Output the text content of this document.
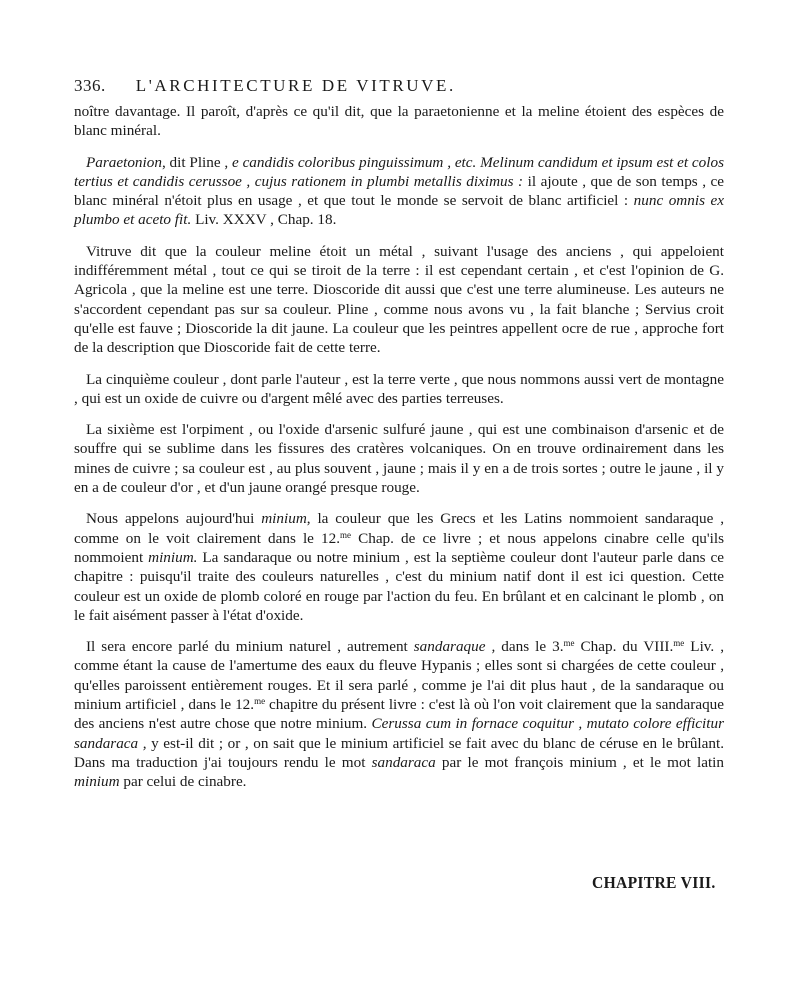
336. L'ARCHITECTURE DE VITRUVE.

noître davantage. Il paroît, d'après ce qu'il dit, que la paraetonienne et la meline étoient des espèces de blanc minéral.

Paraetonion, dit Pline , e candidis coloribus pinguissimum , etc. Melinum candidum et ipsum est et colos tertius et candidis cerussoe , cujus rationem in plumbi metallis diximus : il ajoute , que de son temps , ce blanc minéral n'étoit plus en usage , et que tout le monde se servoit de blanc artificiel : nunc omnis ex plumbo et aceto fit. Liv. XXXV , Chap. 18.

Vitruve dit que la couleur meline étoit un métal , suivant l'usage des anciens , qui appeloient indifféremment métal , tout ce qui se tiroit de la terre : il est cependant certain , et c'est l'opinion de G. Agricola , que la meline est une terre. Dioscoride dit aussi que c'est une terre alumineuse. Les auteurs ne s'accordent cependant pas sur sa couleur. Pline , comme nous avons vu , la fait blanche ; Servius croit qu'elle est fauve ; Dioscoride la dit jaune. La couleur que les peintres appellent ocre de rue , approche fort de la description que Dioscoride fait de cette terre.

La cinquième couleur , dont parle l'auteur , est la terre verte , que nous nommons aussi vert de montagne , qui est un oxide de cuivre ou d'argent mêlé avec des parties terreuses.

La sixième est l'orpiment , ou l'oxide d'arsenic sulfuré jaune , qui est une combinaison d'arsenic et de souffre qui se sublime dans les fissures des cratères volcaniques. On en trouve ordinairement dans les mines de cuivre ; sa couleur est , au plus souvent , jaune ; mais il y en a de trois sortes ; outre le jaune , il y en a de couleur d'or , et d'un jaune orangé presque rouge.

Nous appelons aujourd'hui minium, la couleur que les Grecs et les Latins nommoient sandaraque , comme on le voit clairement dans le 12.$^{me}$ Chap. de ce livre ; et nous appelons cinabre celle qu'ils nommoient minium. La sandaraque ou notre minium , est la septième couleur dont l'auteur parle dans ce chapitre : puisqu'il traite des couleurs naturelles , c'est du minium natif dont il est ici question. Cette couleur est un oxide de plomb coloré en rouge par l'action du feu. En brûlant et en calcinant le plomb , on le fait aisément passer à l'état d'oxide.

Il sera encore parlé du minium naturel , autrement sandaraque , dans le 3.$^{me}$ Chap. du VIII.$^{me}$ Liv. , comme étant la cause de l'amertume des eaux du fleuve Hypanis ; elles sont si chargées de cette couleur , qu'elles paroissent entièrement rouges. Et il sera parlé , comme je l'ai dit plus haut , de la sandaraque ou minium artificiel , dans le 12.$^{me}$ chapitre du présent livre : c'est là où l'on voit clairement que la sandaraque des anciens n'est autre chose que notre minium. Cerussa cum in fornace coquitur , mutato colore efficitur sandaraca , y est-il dit ; or , on sait que le minium artificiel se fait avec du blanc de céruse en le brûlant. Dans ma traduction j'ai toujours rendu le mot sandaraca par le mot françois minium , et le mot latin minium par celui de cinabre.

CHAPITRE VIII.
